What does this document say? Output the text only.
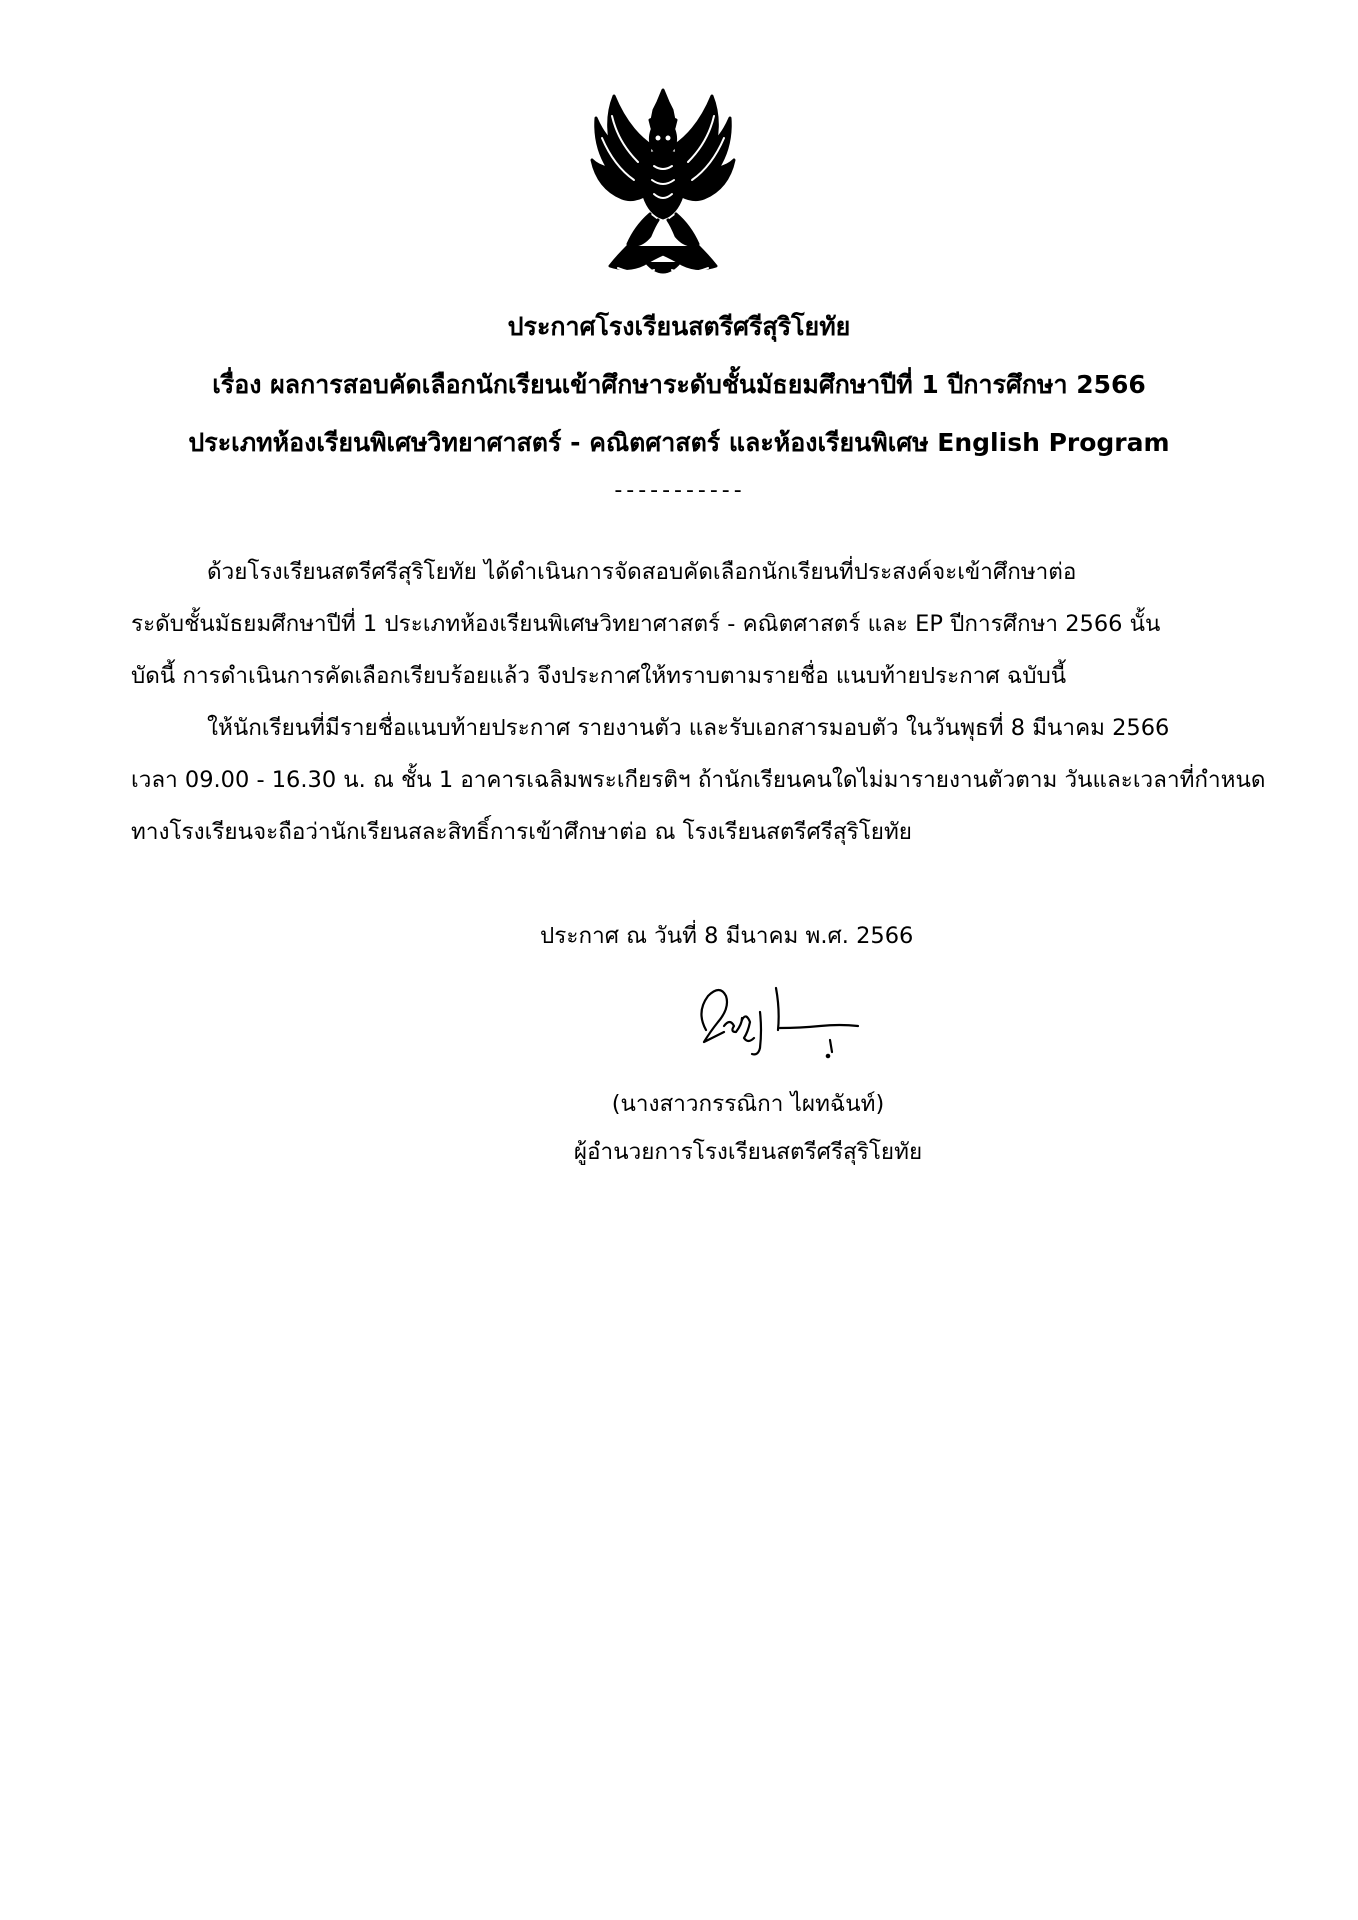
ประกาศโรงเรียนสตรีศรีสุริโยทัย
เรื่อง ผลการสอบคัดเลือกนักเรียนเข้าศึกษาระดับชั้นมัธยมศึกษาปีที่ 1 ปีการศึกษา 2566
ประเภทห้องเรียนพิเศษวิทยาศาสตร์ - คณิตศาสตร์ และห้องเรียนพิเศษ English Program
-----------
ด้วยโรงเรียนสตรีศรีสุริโยทัย ได้ดำเนินการจัดสอบคัดเลือกนักเรียนที่ประสงค์จะเข้าศึกษาต่อ
ระดับชั้นมัธยมศึกษาปีที่ 1 ประเภทห้องเรียนพิเศษวิทยาศาสตร์ - คณิตศาสตร์ และ EP ปีการศึกษา 2566 นั้น
บัดนี้ การดำเนินการคัดเลือกเรียบร้อยแล้ว จึงประกาศให้ทราบตามรายชื่อ แนบท้ายประกาศ ฉบับนี้
ให้นักเรียนที่มีรายชื่อแนบท้ายประกาศ รายงานตัว และรับเอกสารมอบตัว ในวันพุธที่ 8 มีนาคม 2566
เวลา 09.00 - 16.30 น. ณ ชั้น 1 อาคารเฉลิมพระเกียรติฯ ถ้านักเรียนคนใดไม่มารายงานตัวตาม วันและเวลาที่กำหนด
ทางโรงเรียนจะถือว่านักเรียนสละสิทธิ์การเข้าศึกษาต่อ ณ โรงเรียนสตรีศรีสุริโยทัย
ประกาศ ณ วันที่ 8 มีนาคม พ.ศ. 2566
(นางสาวกรรณิกา ไผทฉันท์)
ผู้อำนวยการโรงเรียนสตรีศรีสุริโยทัย
